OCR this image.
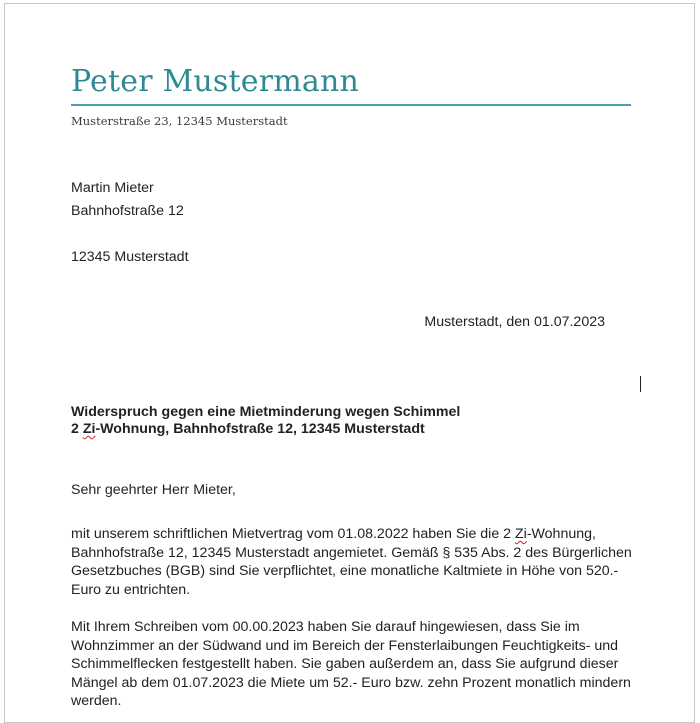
Peter Mustermann
Musterstraße 23, 12345 Musterstadt
Martin Mieter
Bahnhofstraße 12
12345 Musterstadt
Musterstadt, den 01.07.2023
Widerspruch gegen eine Mietminderung wegen Schimmel
2 Zi-Wohnung, Bahnhofstraße 12, 12345 Musterstadt
Sehr geehrter Herr Mieter,
mit unserem schriftlichen Mietvertrag vom 01.08.2022 haben Sie die 2 Zi-Wohnung,
Bahnhofstraße 12, 12345 Musterstadt angemietet. Gemäß § 535 Abs. 2 des Bürgerlichen
Gesetzbuches (BGB) sind Sie verpflichtet, eine monatliche Kaltmiete in Höhe von 520.-
Euro zu entrichten.
Mit Ihrem Schreiben vom 00.00.2023 haben Sie darauf hingewiesen, dass Sie im
Wohnzimmer an der Südwand und im Bereich der Fensterlaibungen Feuchtigkeits- und
Schimmelflecken festgestellt haben. Sie gaben außerdem an, dass Sie aufgrund dieser
Mängel ab dem 01.07.2023 die Miete um 52.- Euro bzw. zehn Prozent monatlich mindern
werden.
